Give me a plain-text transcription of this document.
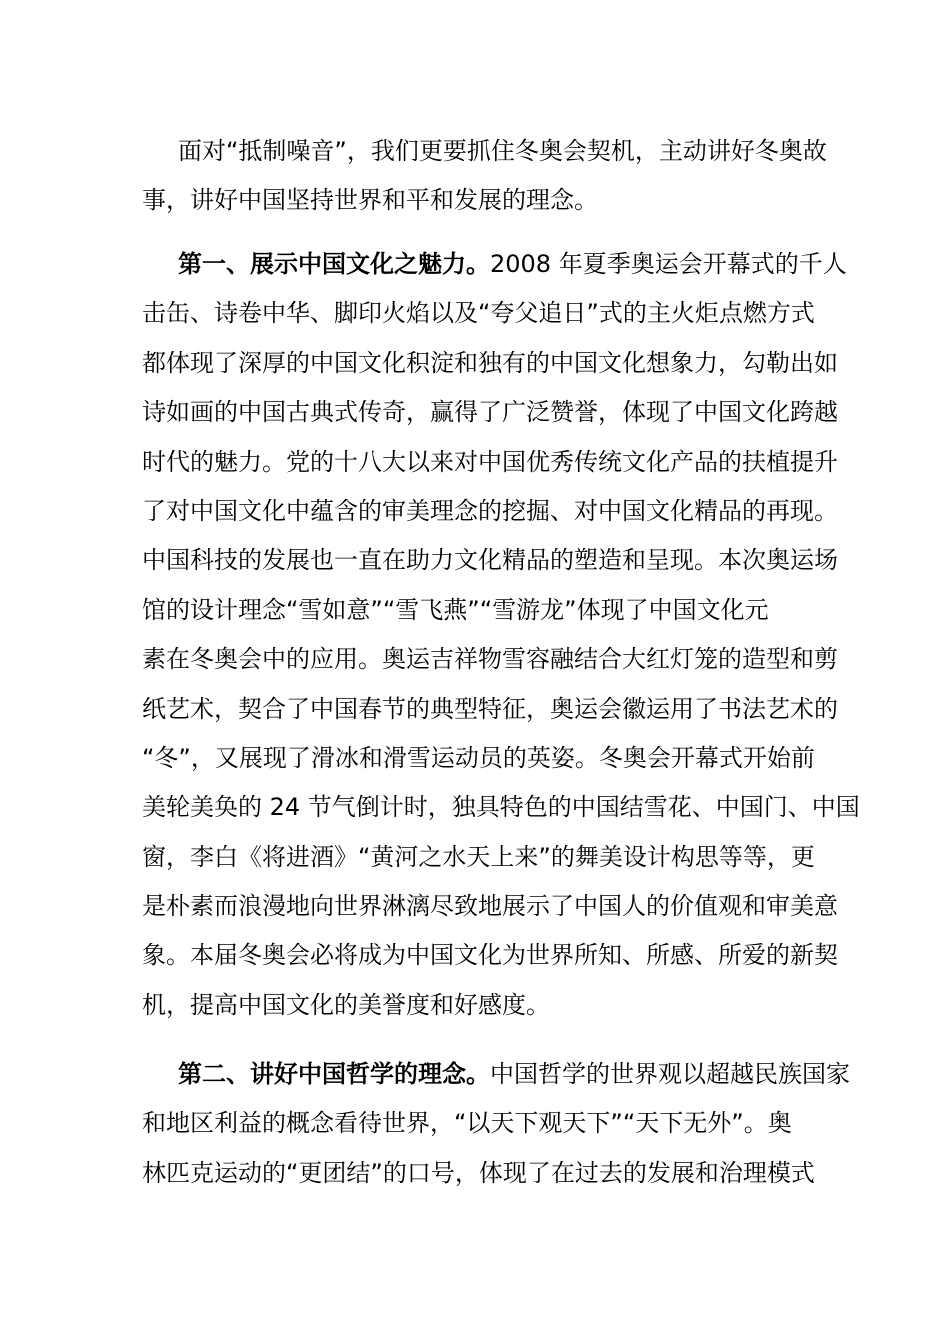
面对“抵制噪音”，我们更要抓住冬奥会契机，主动讲好冬奥故
事，讲好中国坚持世界和平和发展的理念。
第一、展示中国文化之魅力。2008 年夏季奥运会开幕式的千人
击缶、诗卷中华、脚印火焰以及“夸父追日”式的主火炬点燃方式
都体现了深厚的中国文化积淀和独有的中国文化想象力，勾勒出如
诗如画的中国古典式传奇，赢得了广泛赞誉，体现了中国文化跨越
时代的魅力。党的十八大以来对中国优秀传统文化产品的扶植提升
了对中国文化中蕴含的审美理念的挖掘、对中国文化精品的再现。
中国科技的发展也一直在助力文化精品的塑造和呈现。本次奥运场
馆的设计理念“雪如意”“雪飞燕”“雪游龙”体现了中国文化元
素在冬奥会中的应用。奥运吉祥物雪容融结合大红灯笼的造型和剪
纸艺术，契合了中国春节的典型特征，奥运会徽运用了书法艺术的
“冬”，又展现了滑冰和滑雪运动员的英姿。冬奥会开幕式开始前
美轮美奂的 24 节气倒计时，独具特色的中国结雪花、中国门、中国
窗，李白《将进酒》“黄河之水天上来”的舞美设计构思等等，更
是朴素而浪漫地向世界淋漓尽致地展示了中国人的价值观和审美意
象。本届冬奥会必将成为中国文化为世界所知、所感、所爱的新契
机，提高中国文化的美誉度和好感度。
第二、讲好中国哲学的理念。中国哲学的世界观以超越民族国家
和地区利益的概念看待世界，“以天下观天下”“天下无外”。奥
林匹克运动的“更团结”的口号，体现了在过去的发展和治理模式
